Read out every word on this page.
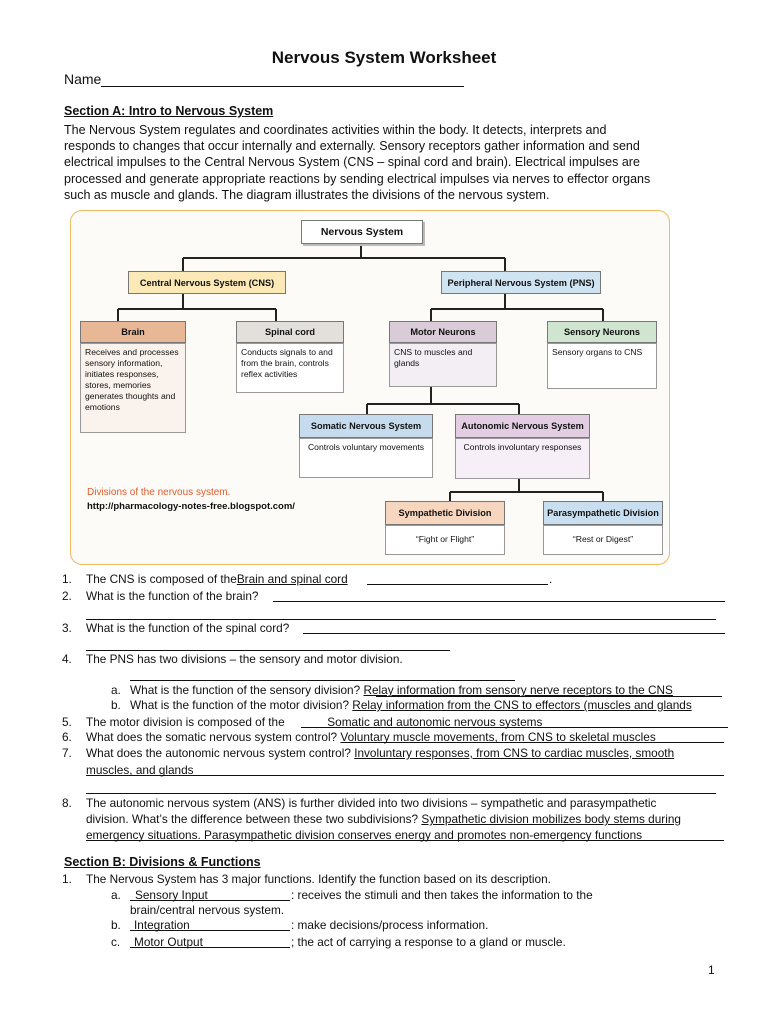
Nervous System Worksheet
Name
Section A: Intro to Nervous System
The Nervous System regulates and coordinates activities within the body. It detects, interprets and
responds to changes that occur internally and externally. Sensory receptors gather information and send
electrical impulses to the Central Nervous System (CNS – spinal cord and brain). Electrical impulses are
processed and generate appropriate reactions by sending electrical impulses via nerves to effector organs
such as muscle and glands. The diagram illustrates the divisions of the nervous system.
Nervous System
Central Nervous System (CNS)	Peripheral Nervous System (PNS)
Brain
Receives and processes sensory information, initiates responses, stores, memories generates thoughts and emotions
Spinal cord
Conducts signals to and from the brain, controls reflex activities
Motor Neurons
CNS to muscles and glands
Sensory Neurons
Sensory organs to CNS
Somatic Nervous System
Controls voluntary movements
Autonomic Nervous System
Controls involuntary responses
Sympathetic Division
“Fight or Flight”
Parasympathetic Division
“Rest or Digest”
Divisions of the nervous system.
http://pharmacology-notes-free.blogspot.com/
1. The CNS is composed of theBrain and spinal cord	.
2. What is the function of the brain?
3. What is the function of the spinal cord?
4. The PNS has two divisions – the sensory and motor division.
a. What is the function of the sensory division? Relay information from sensory nerve receptors to the CNS
b. What is the function of the motor division? Relay information from the CNS to effectors (muscles and glands
5. The motor division is composed of the	Somatic and autonomic nervous systems
6. What does the somatic nervous system control? Voluntary muscle movements, from CNS to skeletal muscles
7. What does the autonomic nervous system control? Involuntary responses, from CNS to cardiac muscles, smooth
muscles, and glands
8. The autonomic nervous system (ANS) is further divided into two divisions – sympathetic and parasympathetic
division. What’s the difference between these two subdivisions? Sympathetic division mobilizes body stems during
emergency situations. Parasympathetic division conserves energy and promotes non-emergency functions
Section B: Divisions & Functions
1. The Nervous System has 3 major functions. Identify the function based on its description.
a. Sensory Input	: receives the stimuli and then takes the information to the
brain/central nervous system.
b. Integration	: make decisions/process information.
c. Motor Output	; the act of carrying a response to a gland or muscle.
1
